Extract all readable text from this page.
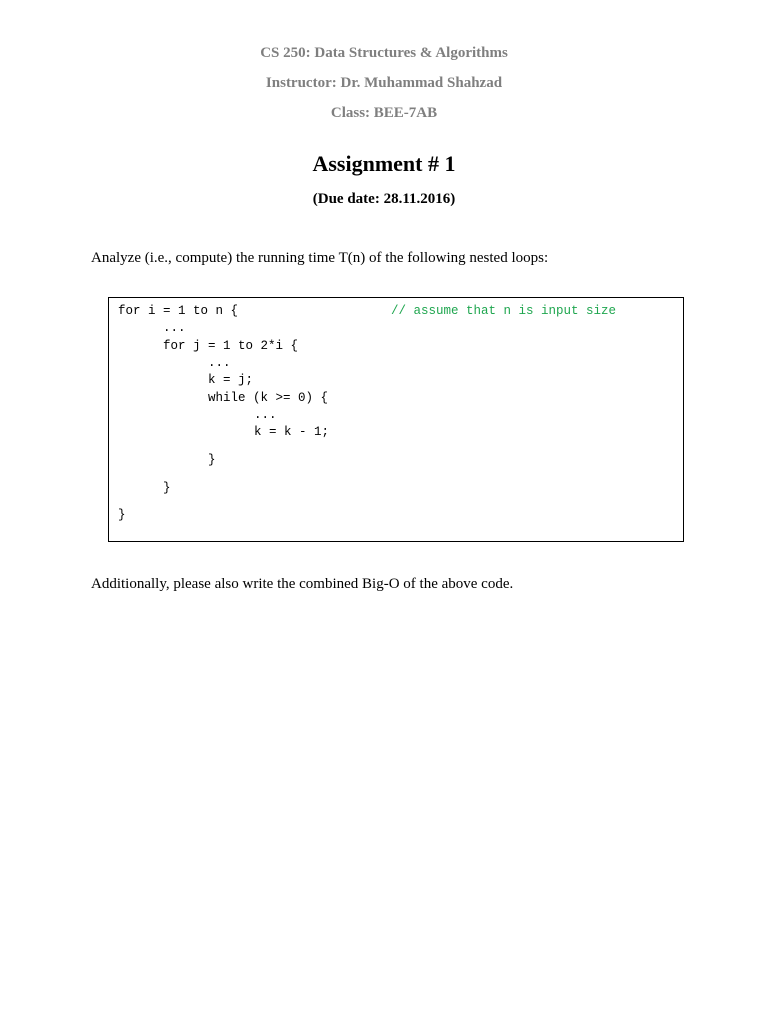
CS 250: Data Structures & Algorithms
Instructor: Dr. Muhammad Shahzad
Class: BEE-7AB
Assignment # 1
(Due date: 28.11.2016)
Analyze (i.e., compute) the running time T(n) of the following nested loops:
for i = 1 to n {	// assume that n is input size
...
for j = 1 to 2*i {
...
k = j;
while (k >= 0) {
...
k = k - 1;
}
}
}
Additionally, please also write the combined Big-O of the above code.
